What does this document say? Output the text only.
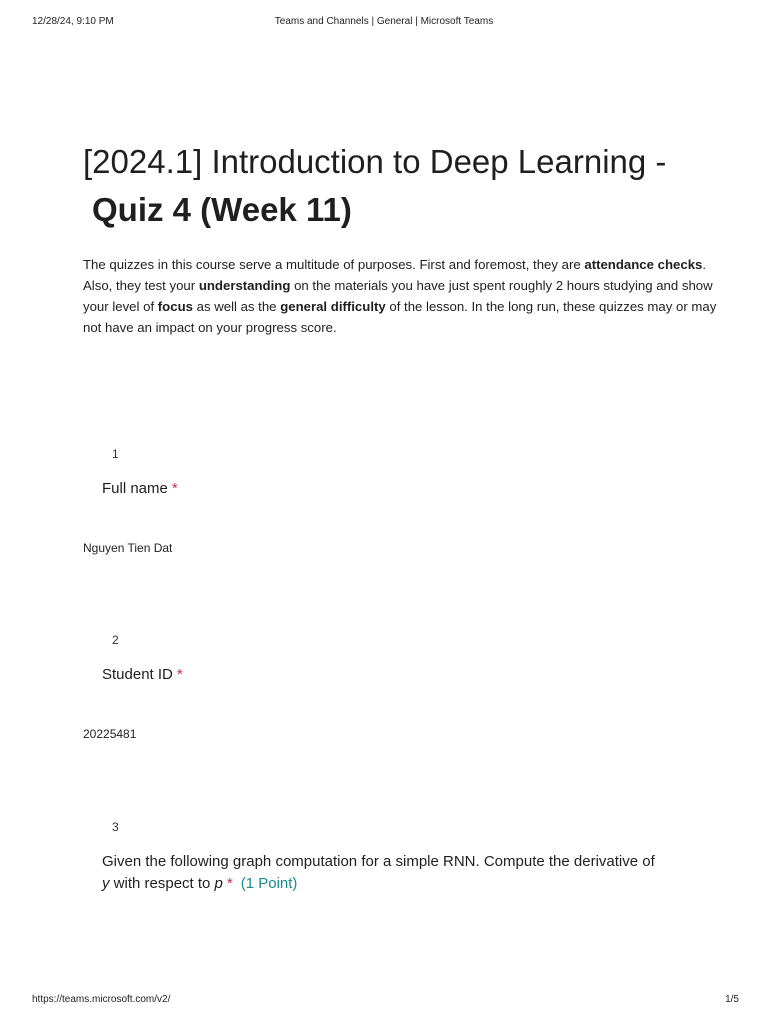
12/28/24, 9:10 PM	Teams and Channels | General | Microsoft Teams
[2024.1] Introduction to Deep Learning -
Quiz 4 (Week 11)
The quizzes in this course serve a multitude of purposes. First and foremost, they are attendance checks. Also, they test your understanding on the materials you have just spent roughly 2 hours studying and show your level of focus as well as the general difficulty of the lesson. In the long run, these quizzes may or may not have an impact on your progress score.
1
Full name *
Nguyen Tien Dat
2
Student ID *
20225481
3
Given the following graph computation for a simple RNN. Compute the derivative of y with respect to p * (1 Point)
https://teams.microsoft.com/v2/	1/5
